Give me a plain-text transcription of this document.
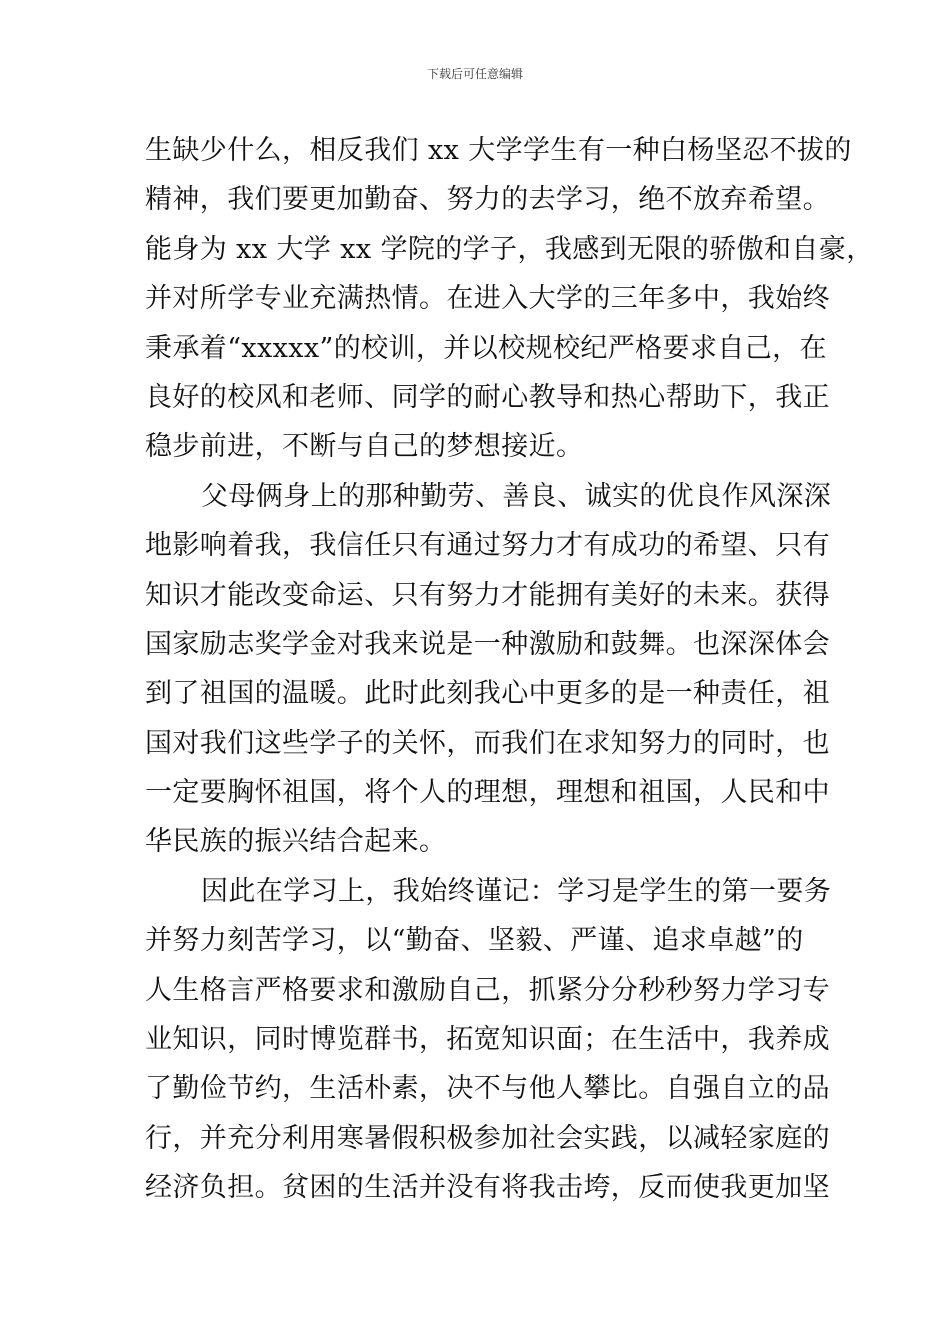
下载后可任意编辑
生缺少什么，相反我们 xx 大学学生有一种白杨坚忍不拔的
精神，我们要更加勤奋、努力的去学习，绝不放弃希望。
能身为 xx 大学 xx 学院的学子，我感到无限的骄傲和自豪，
并对所学专业充满热情。在进入大学的三年多中，我始终
秉承着“xxxxx”的校训，并以校规校纪严格要求自己，在
良好的校风和老师、同学的耐心教导和热心帮助下，我正
稳步前进，不断与自己的梦想接近。
父母俩身上的那种勤劳、善良、诚实的优良作风深深
地影响着我，我信任只有通过努力才有成功的希望、只有
知识才能改变命运、只有努力才能拥有美好的未来。获得
国家励志奖学金对我来说是一种激励和鼓舞。也深深体会
到了祖国的温暖。此时此刻我心中更多的是一种责任，祖
国对我们这些学子的关怀，而我们在求知努力的同时，也
一定要胸怀祖国，将个人的理想，理想和祖国，人民和中
华民族的振兴结合起来。
因此在学习上，我始终谨记：学习是学生的第一要务
并努力刻苦学习，以“勤奋、坚毅、严谨、追求卓越”的
人生格言严格要求和激励自己，抓紧分分秒秒努力学习专
业知识，同时博览群书，拓宽知识面；在生活中，我养成
了勤俭节约，生活朴素，决不与他人攀比。自强自立的品
行，并充分利用寒暑假积极参加社会实践，以减轻家庭的
经济负担。贫困的生活并没有将我击垮，反而使我更加坚
